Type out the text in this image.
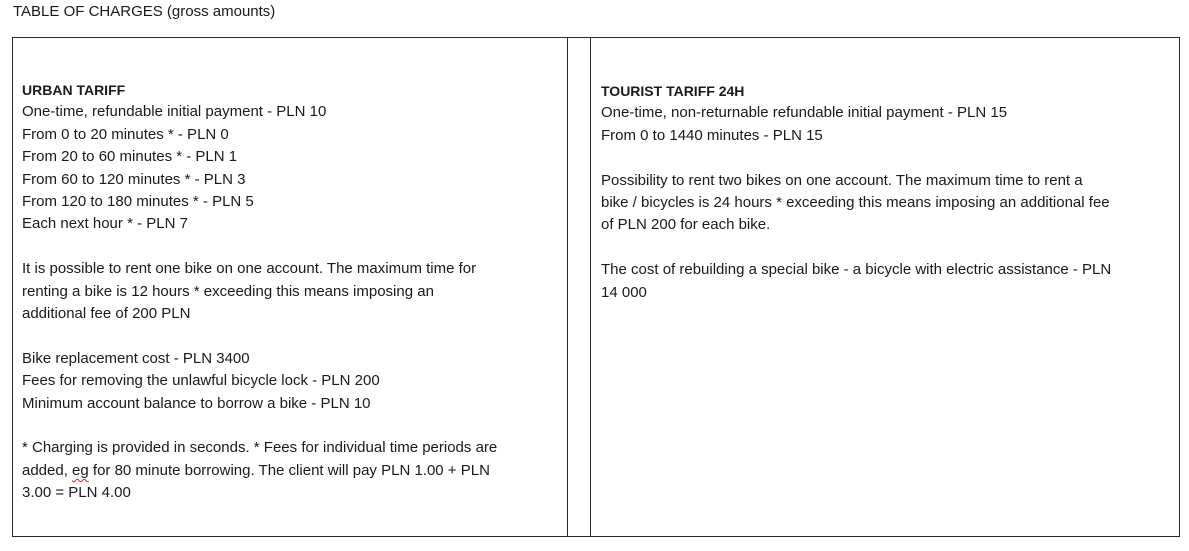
TABLE OF CHARGES (gross amounts)
URBAN TARIFF
One-time, refundable initial payment - PLN 10
From 0 to 20 minutes * - PLN 0
From 20 to 60 minutes * - PLN 1
From 60 to 120 minutes * - PLN 3
From 120 to 180 minutes * - PLN 5
Each next hour * - PLN 7
It is possible to rent one bike on one account. The maximum time for
renting a bike is 12 hours * exceeding this means imposing an
additional fee of 200 PLN
Bike replacement cost - PLN 3400
Fees for removing the unlawful bicycle lock - PLN 200
Minimum account balance to borrow a bike - PLN 10
* Charging is provided in seconds. * Fees for individual time periods are
added, eg for 80 minute borrowing. The client will pay PLN 1.00 + PLN
3.00 = PLN 4.00
TOURIST TARIFF 24H
One-time, non-returnable refundable initial payment - PLN 15
From 0 to 1440 minutes - PLN 15
Possibility to rent two bikes on one account. The maximum time to rent a
bike / bicycles is 24 hours * exceeding this means imposing an additional fee
of PLN 200 for each bike.
The cost of rebuilding a special bike - a bicycle with electric assistance - PLN
14 000
